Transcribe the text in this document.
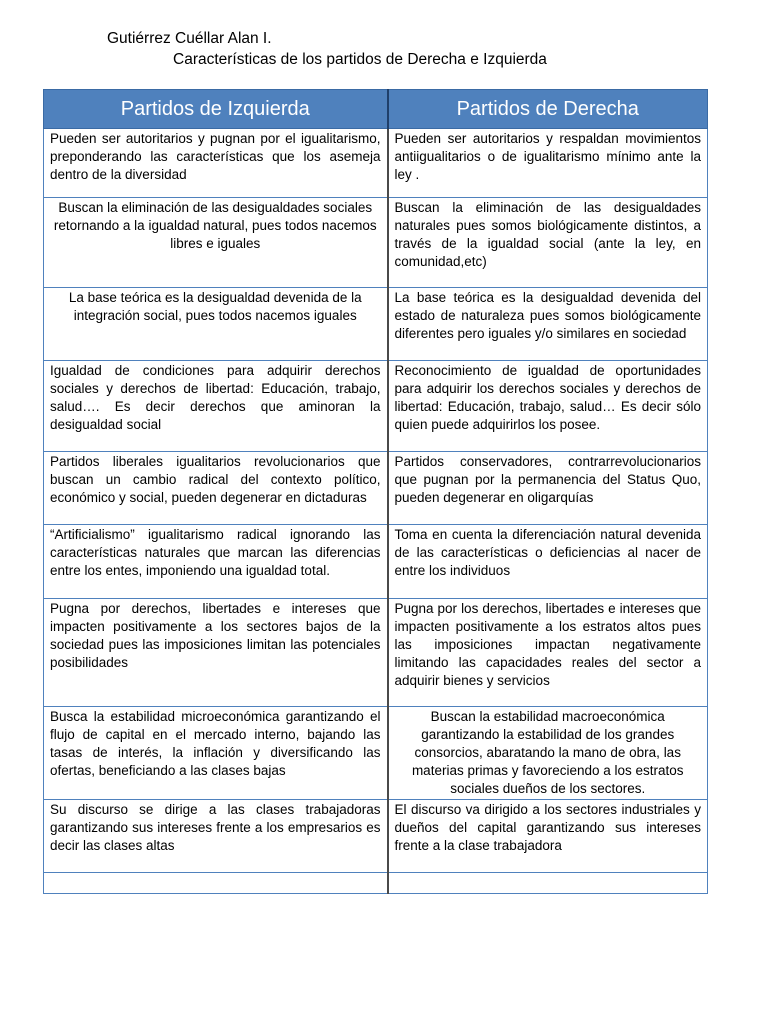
Gutiérrez Cuéllar Alan I.
Características de los partidos de Derecha e Izquierda
Partidos de Izquierda	Partidos de Derecha
Pueden ser autoritarios y pugnan por el igualitarismo, preponderando las características que los asemeja dentro de la diversidad	Pueden ser autoritarios y respaldan movimientos antiigualitarios o de igualitarismo mínimo ante la ley .
Buscan la eliminación de las desigualdades sociales retornando a la igualdad natural, pues todos nacemos libres e iguales	Buscan la eliminación de las desigualdades naturales pues somos biológicamente distintos, a través de la igualdad social (ante la ley, en comunidad,etc)
La base teórica es la desigualdad devenida de la integración social, pues todos nacemos iguales	La base teórica es la desigualdad devenida del estado de naturaleza pues somos biológicamente diferentes pero iguales y/o similares en sociedad
Igualdad de condiciones para adquirir derechos sociales y derechos de libertad: Educación, trabajo, salud…. Es decir derechos que aminoran la desigualdad social	Reconocimiento de igualdad de oportunidades para adquirir los derechos sociales y derechos de libertad: Educación, trabajo, salud… Es decir sólo quien puede adquirirlos los posee.
Partidos liberales igualitarios revolucionarios que buscan un cambio radical del contexto político, económico y social, pueden degenerar en dictaduras	Partidos conservadores, contrarrevolucionarios que pugnan por la permanencia del Status Quo, pueden degenerar en oligarquías
“Artificialismo” igualitarismo radical ignorando las características naturales que marcan las diferencias entre los entes, imponiendo una igualdad total.	Toma en cuenta la diferenciación natural devenida de las características o deficiencias al nacer de entre los individuos
Pugna por derechos, libertades e intereses que impacten positivamente a los sectores bajos de la sociedad pues las imposiciones limitan las potenciales posibilidades	Pugna por los derechos, libertades e intereses que impacten positivamente a los estratos altos pues las imposiciones impactan negativamente limitando las capacidades reales del sector a adquirir bienes y servicios
Busca la estabilidad microeconómica garantizando el flujo de capital en el mercado interno, bajando las tasas de interés, la inflación y diversificando las ofertas, beneficiando a las clases bajas	Buscan la estabilidad macroeconómica garantizando la estabilidad de los grandes consorcios, abaratando la mano de obra, las materias primas y favoreciendo a los estratos sociales dueños de los sectores.
Su discurso se dirige a las clases trabajadoras garantizando sus intereses frente a los empresarios es decir las clases altas	El discurso va dirigido a los sectores industriales y dueños del capital garantizando sus intereses frente a la clase trabajadora
